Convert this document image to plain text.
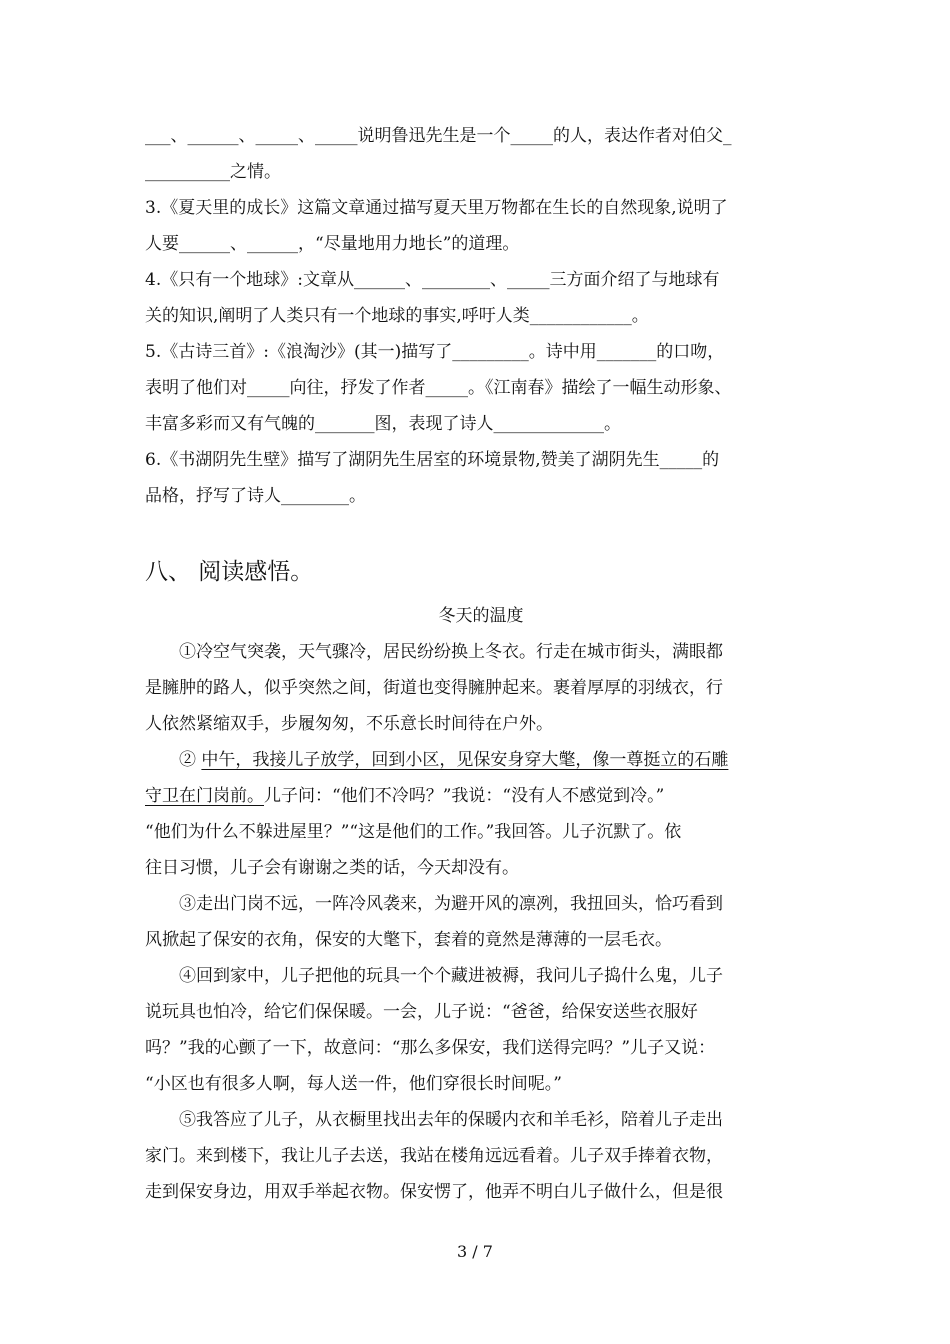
___、______、_____、_____说明鲁迅先生是一个_____的人，表达作者对伯父_
__________之情。
3.《夏天里的成长》这篇文章通过描写夏天里万物都在生长的自然现象,说明了
人要______、______，“尽量地用力地长”的道理。
4.《只有一个地球》:文章从______、________、_____三方面介绍了与地球有
关的知识,阐明了人类只有一个地球的事实,呼吁人类____________。
5.《古诗三首》:《浪淘沙》(其一)描写了_________。诗中用_______的口吻，
表明了他们对_____向往，抒发了作者_____。《江南春》描绘了一幅生动形象、
丰富多彩而又有气魄的_______图，表现了诗人_____________。
6.《书湖阴先生壁》描写了湖阴先生居室的环境景物,赞美了湖阴先生_____的
品格，抒写了诗人________。
八、 阅读感悟。
冬天的温度
①冷空气突袭，天气骤冷，居民纷纷换上冬衣。行走在城市街头，满眼都
是臃肿的路人，似乎突然之间，街道也变得臃肿起来。裹着厚厚的羽绒衣，行
人依然紧缩双手，步履匆匆，不乐意长时间待在户外。
② 中午，我接儿子放学，回到小区，见保安身穿大氅，像一尊挺立的石雕
守卫在门岗前。儿子问：“他们不冷吗？”我说：“没有人不感觉到冷。”
“他们为什么不躲进屋里？”“这是他们的工作。”我回答。儿子沉默了。依
往日习惯，儿子会有谢谢之类的话，今天却没有。
③走出门岗不远，一阵冷风袭来，为避开风的凛冽，我扭回头，恰巧看到
风掀起了保安的衣角，保安的大氅下，套着的竟然是薄薄的一层毛衣。
④回到家中，儿子把他的玩具一个个藏进被褥，我问儿子捣什么鬼，儿子
说玩具也怕冷，给它们保保暖。一会，儿子说：“爸爸，给保安送些衣服好
吗？”我的心颤了一下，故意问：“那么多保安，我们送得完吗？”儿子又说：
“小区也有很多人啊，每人送一件，他们穿很长时间呢。”
⑤我答应了儿子，从衣橱里找出去年的保暖内衣和羊毛衫，陪着儿子走出
家门。来到楼下，我让儿子去送，我站在楼角远远看着。儿子双手捧着衣物，
走到保安身边，用双手举起衣物。保安愣了，他弄不明白儿子做什么，但是很
3 / 7
